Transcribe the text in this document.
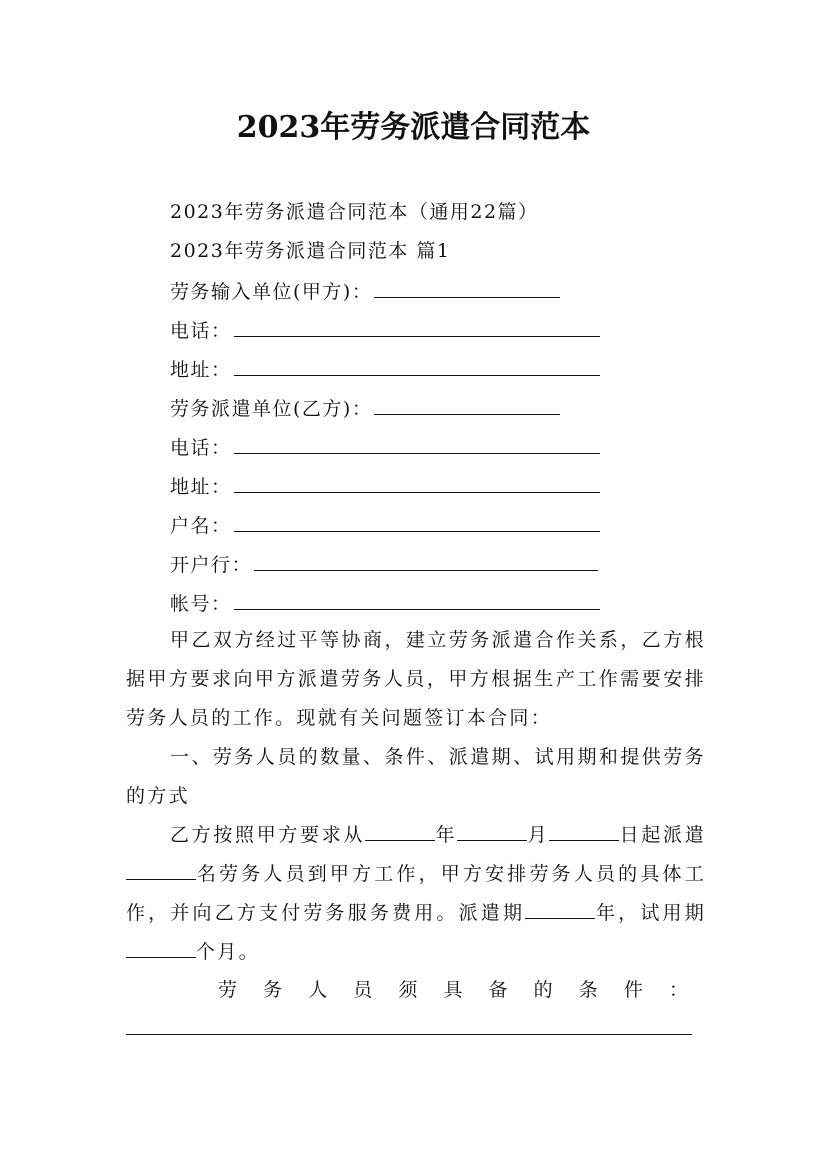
2023年劳务派遣合同范本
2023年劳务派遣合同范本（通用22篇）
2023年劳务派遣合同范本 篇1
劳务输入单位(甲方)：
电话：
地址：
劳务派遣单位(乙方)：
电话：
地址：
户名：
开户行：
帐号：
甲乙双方经过平等协商，建立劳务派遣合作关系，乙方根据甲方要求向甲方派遣劳务人员，甲方根据生产工作需要安排劳务人员的工作。现就有关问题签订本合同：
一、劳务人员的数量、条件、派遣期、试用期和提供劳务的方式
乙方按照甲方要求从	年	月	日起派遣名劳务人员到甲方工作，甲方安排劳务人员的具体工作，并向乙方支付劳务服务费用。派遣期	年，试用期个月。
劳 务 人 员 须 具 备 的 条 件 ：
